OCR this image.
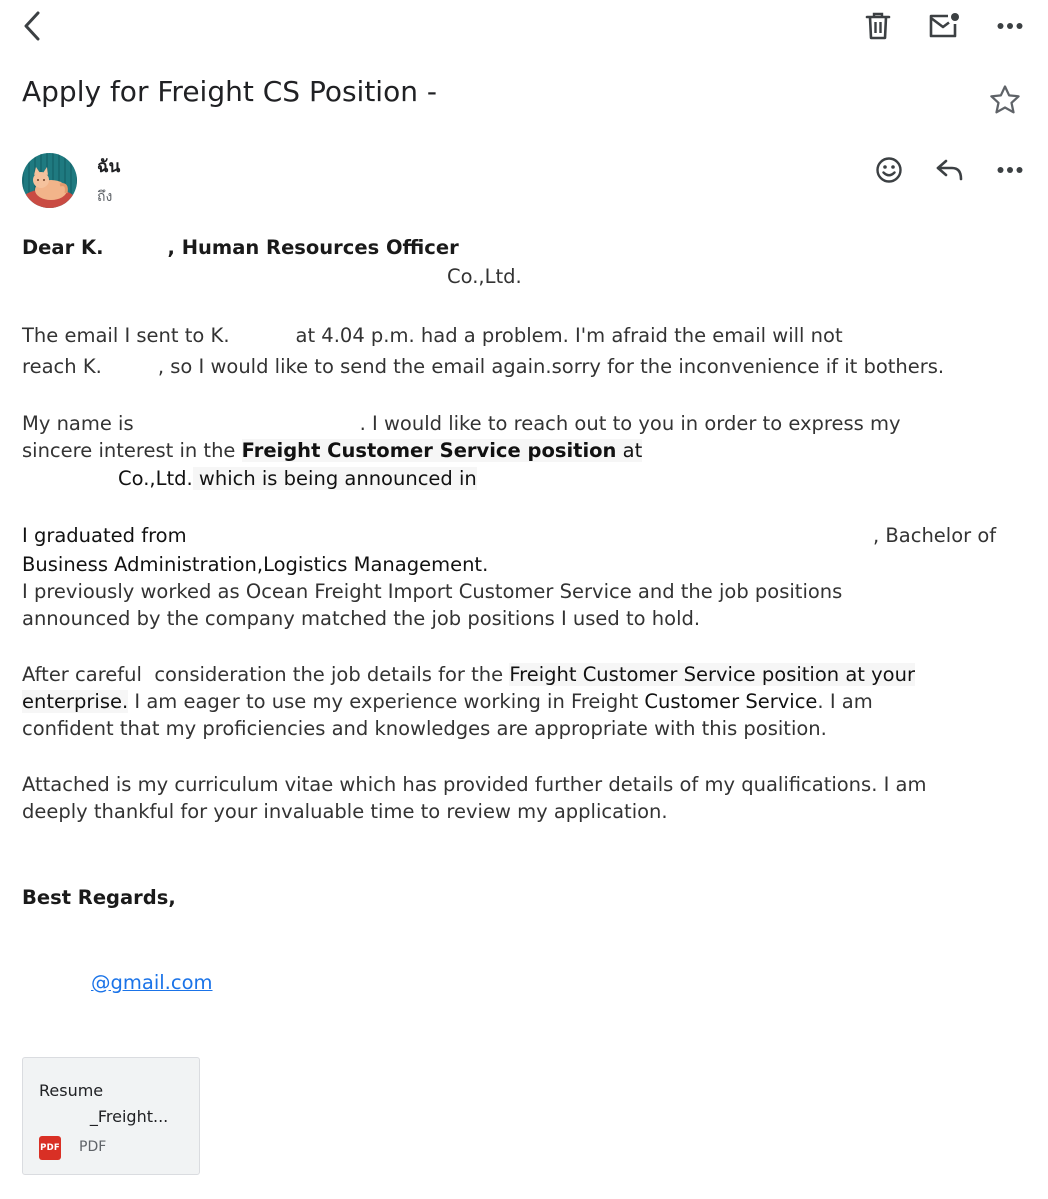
Apply for Freight CS Position -
ฉัน
ถึง
Dear K.	, Human Resources Officer
Co.,Ltd.
The email I sent to K.	at 4.04 p.m. had a problem. I'm afraid the email will not
reach K.	, so I would like to send the email again.sorry for the inconvenience if it bothers.
My name is	. I would like to reach out to you in order to express my
sincere interest in the Freight Customer Service position at
Co.,Ltd. which is being announced in
I graduated from	, Bachelor of
Business Administration,Logistics Management.
I previously worked as Ocean Freight Import Customer Service and the job positions
announced by the company matched the job positions I used to hold.
After careful  consideration the job details for the Freight Customer Service position at your
enterprise. I am eager to use my experience working in Freight Customer Service. I am
confident that my proficiencies and knowledges are appropriate with this position.
Attached is my curriculum vitae which has provided further details of my qualifications. I am
deeply thankful for your invaluable time to review my application.
Best Regards,
@gmail.com
Resume
_Freight...
PDF PDF
